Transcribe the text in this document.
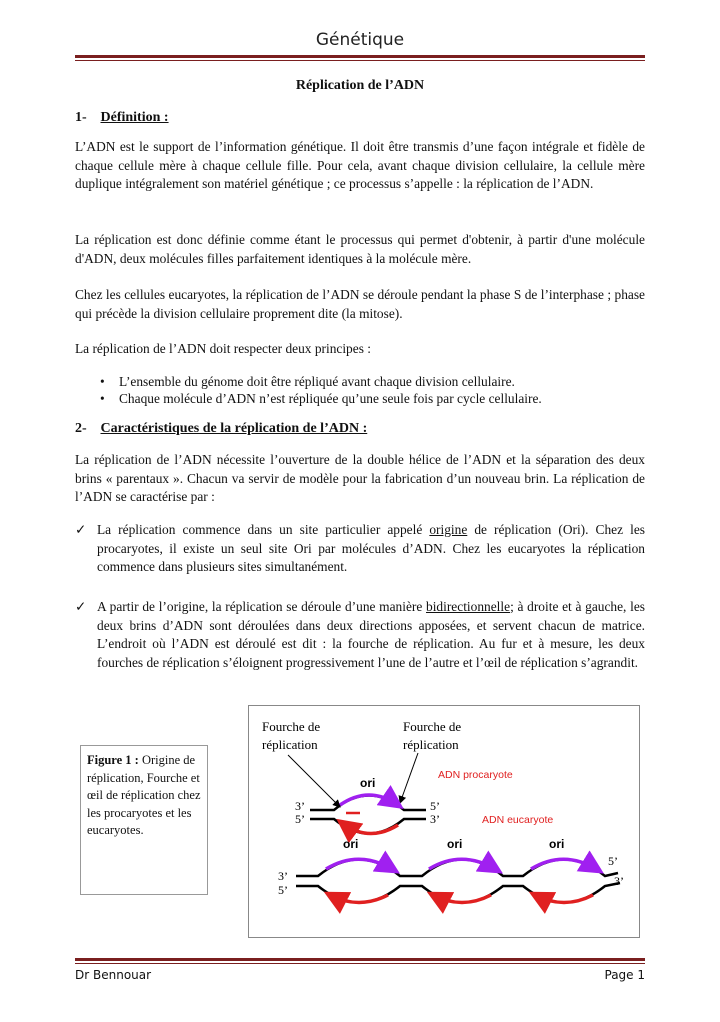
Génétique
Réplication de l’ADN
1- Définition :
L’ADN est le support de l’information génétique. Il doit être transmis d’une façon intégrale et fidèle de chaque cellule mère à chaque cellule fille. Pour cela, avant chaque division cellulaire, la cellule mère duplique intégralement son matériel génétique ; ce processus s’appelle : la réplication de l’ADN.
La réplication est donc définie comme étant le processus qui permet d'obtenir, à partir d'une molécule d'ADN, deux molécules filles parfaitement identiques à la molécule mère.
Chez les cellules eucaryotes, la réplication de l’ADN se déroule pendant la phase S de l’interphase ; phase qui précède la division cellulaire proprement dite (la mitose).
La réplication de l’ADN doit respecter deux principes :
• L’ensemble du génome doit être répliqué avant chaque division cellulaire.
• Chaque molécule d’ADN n’est répliquée qu’une seule fois par cycle cellulaire.
2- Caractéristiques de la réplication de l’ADN :
La réplication de l’ADN nécessite l’ouverture de la double hélice de l’ADN et la séparation des deux brins « parentaux ». Chacun va servir de modèle pour la fabrication d’un nouveau brin. La réplication de l’ADN se caractérise par :
✓ La réplication commence dans un site particulier appelé origine de réplication (Ori). Chez les procaryotes, il existe un seul site Ori par molécules d’ADN. Chez les eucaryotes la réplication commence dans plusieurs sites simultanément.
✓ A partir de l’origine, la réplication se déroule d’une manière bidirectionnelle; à droite et à gauche, les deux brins d’ADN sont déroulées dans deux directions apposées, et servent chacun de matrice. L’endroit où l’ADN est déroulé est dit : la fourche de réplication. Au fur et à mesure, les deux fourches de réplication s’éloignent progressivement l’une de l’autre et l’œil de réplication s’agrandit.
Figure 1 : Origine de réplication, Fourche et œil de réplication chez les procaryotes et les eucaryotes.
Fourche de
réplication
Fourche de
réplication
ori
ADN procaryote
ADN eucaryote
3’
5’
5’
3’
ori	ori	ori
3’
5’
5’
3’
Dr Bennouar	Page 1
